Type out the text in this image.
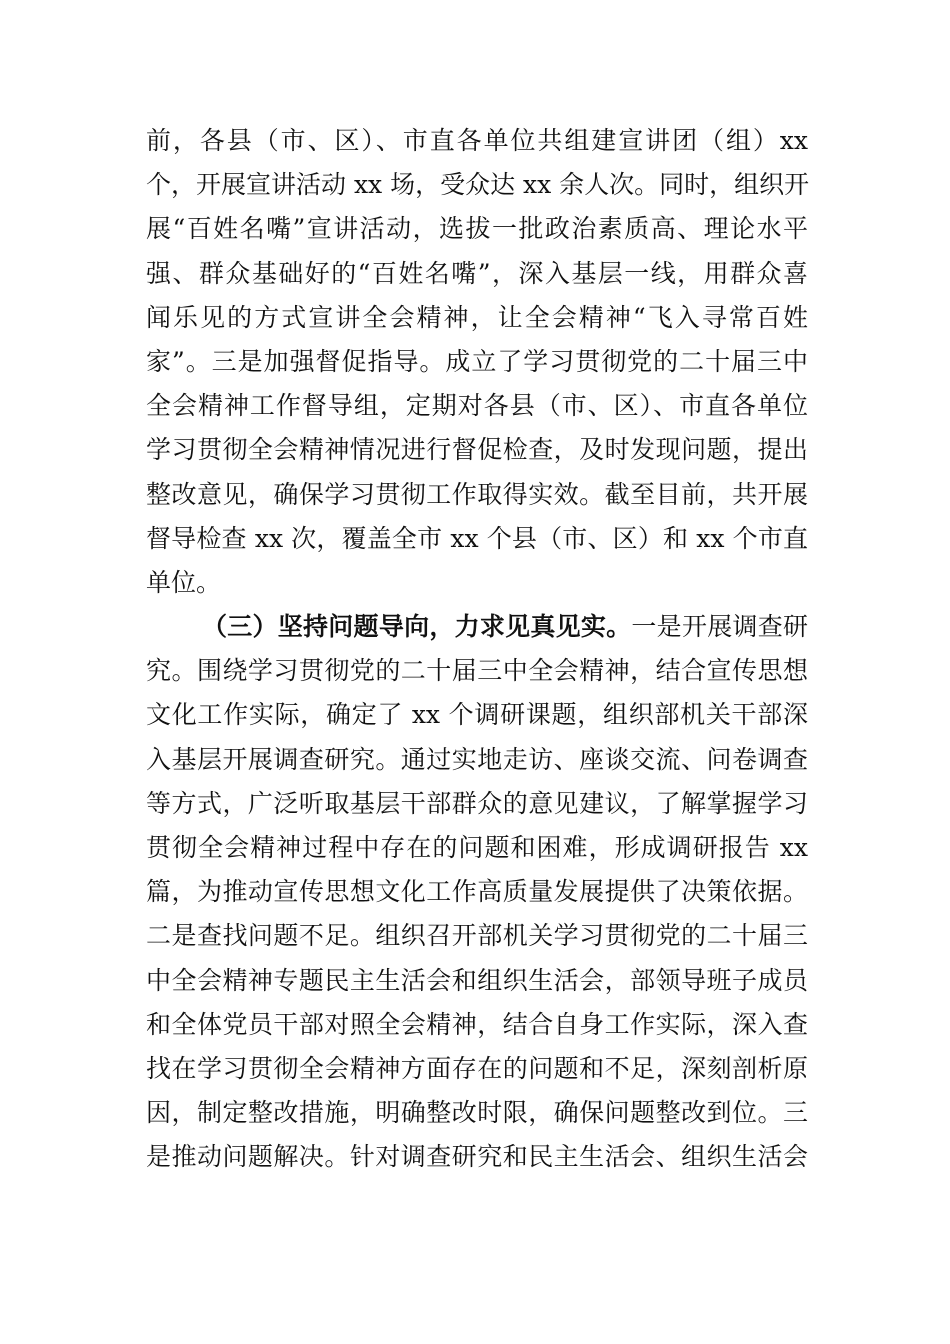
前，各县（市、区）、市直各单位共组建宣讲团（组）xx
个，开展宣讲活动 xx 场，受众达 xx 余人次。同时，组织开
展“百姓名嘴”宣讲活动，选拔一批政治素质高、理论水平
强、群众基础好的“百姓名嘴”，深入基层一线，用群众喜
闻乐见的方式宣讲全会精神，让全会精神“飞入寻常百姓
家”。三是加强督促指导。成立了学习贯彻党的二十届三中
全会精神工作督导组，定期对各县（市、区）、市直各单位
学习贯彻全会精神情况进行督促检查，及时发现问题，提出
整改意见，确保学习贯彻工作取得实效。截至目前，共开展
督导检查 xx 次，覆盖全市 xx 个县（市、区）和 xx 个市直
单位。
（三）坚持问题导向，力求见真见实。一是开展调查研
究。围绕学习贯彻党的二十届三中全会精神，结合宣传思想
文化工作实际，确定了 xx 个调研课题，组织部机关干部深
入基层开展调查研究。通过实地走访、座谈交流、问卷调查
等方式，广泛听取基层干部群众的意见建议，了解掌握学习
贯彻全会精神过程中存在的问题和困难，形成调研报告 xx
篇，为推动宣传思想文化工作高质量发展提供了决策依据。
二是查找问题不足。组织召开部机关学习贯彻党的二十届三
中全会精神专题民主生活会和组织生活会，部领导班子成员
和全体党员干部对照全会精神，结合自身工作实际，深入查
找在学习贯彻全会精神方面存在的问题和不足，深刻剖析原
因，制定整改措施，明确整改时限，确保问题整改到位。三
是推动问题解决。针对调查研究和民主生活会、组织生活会
